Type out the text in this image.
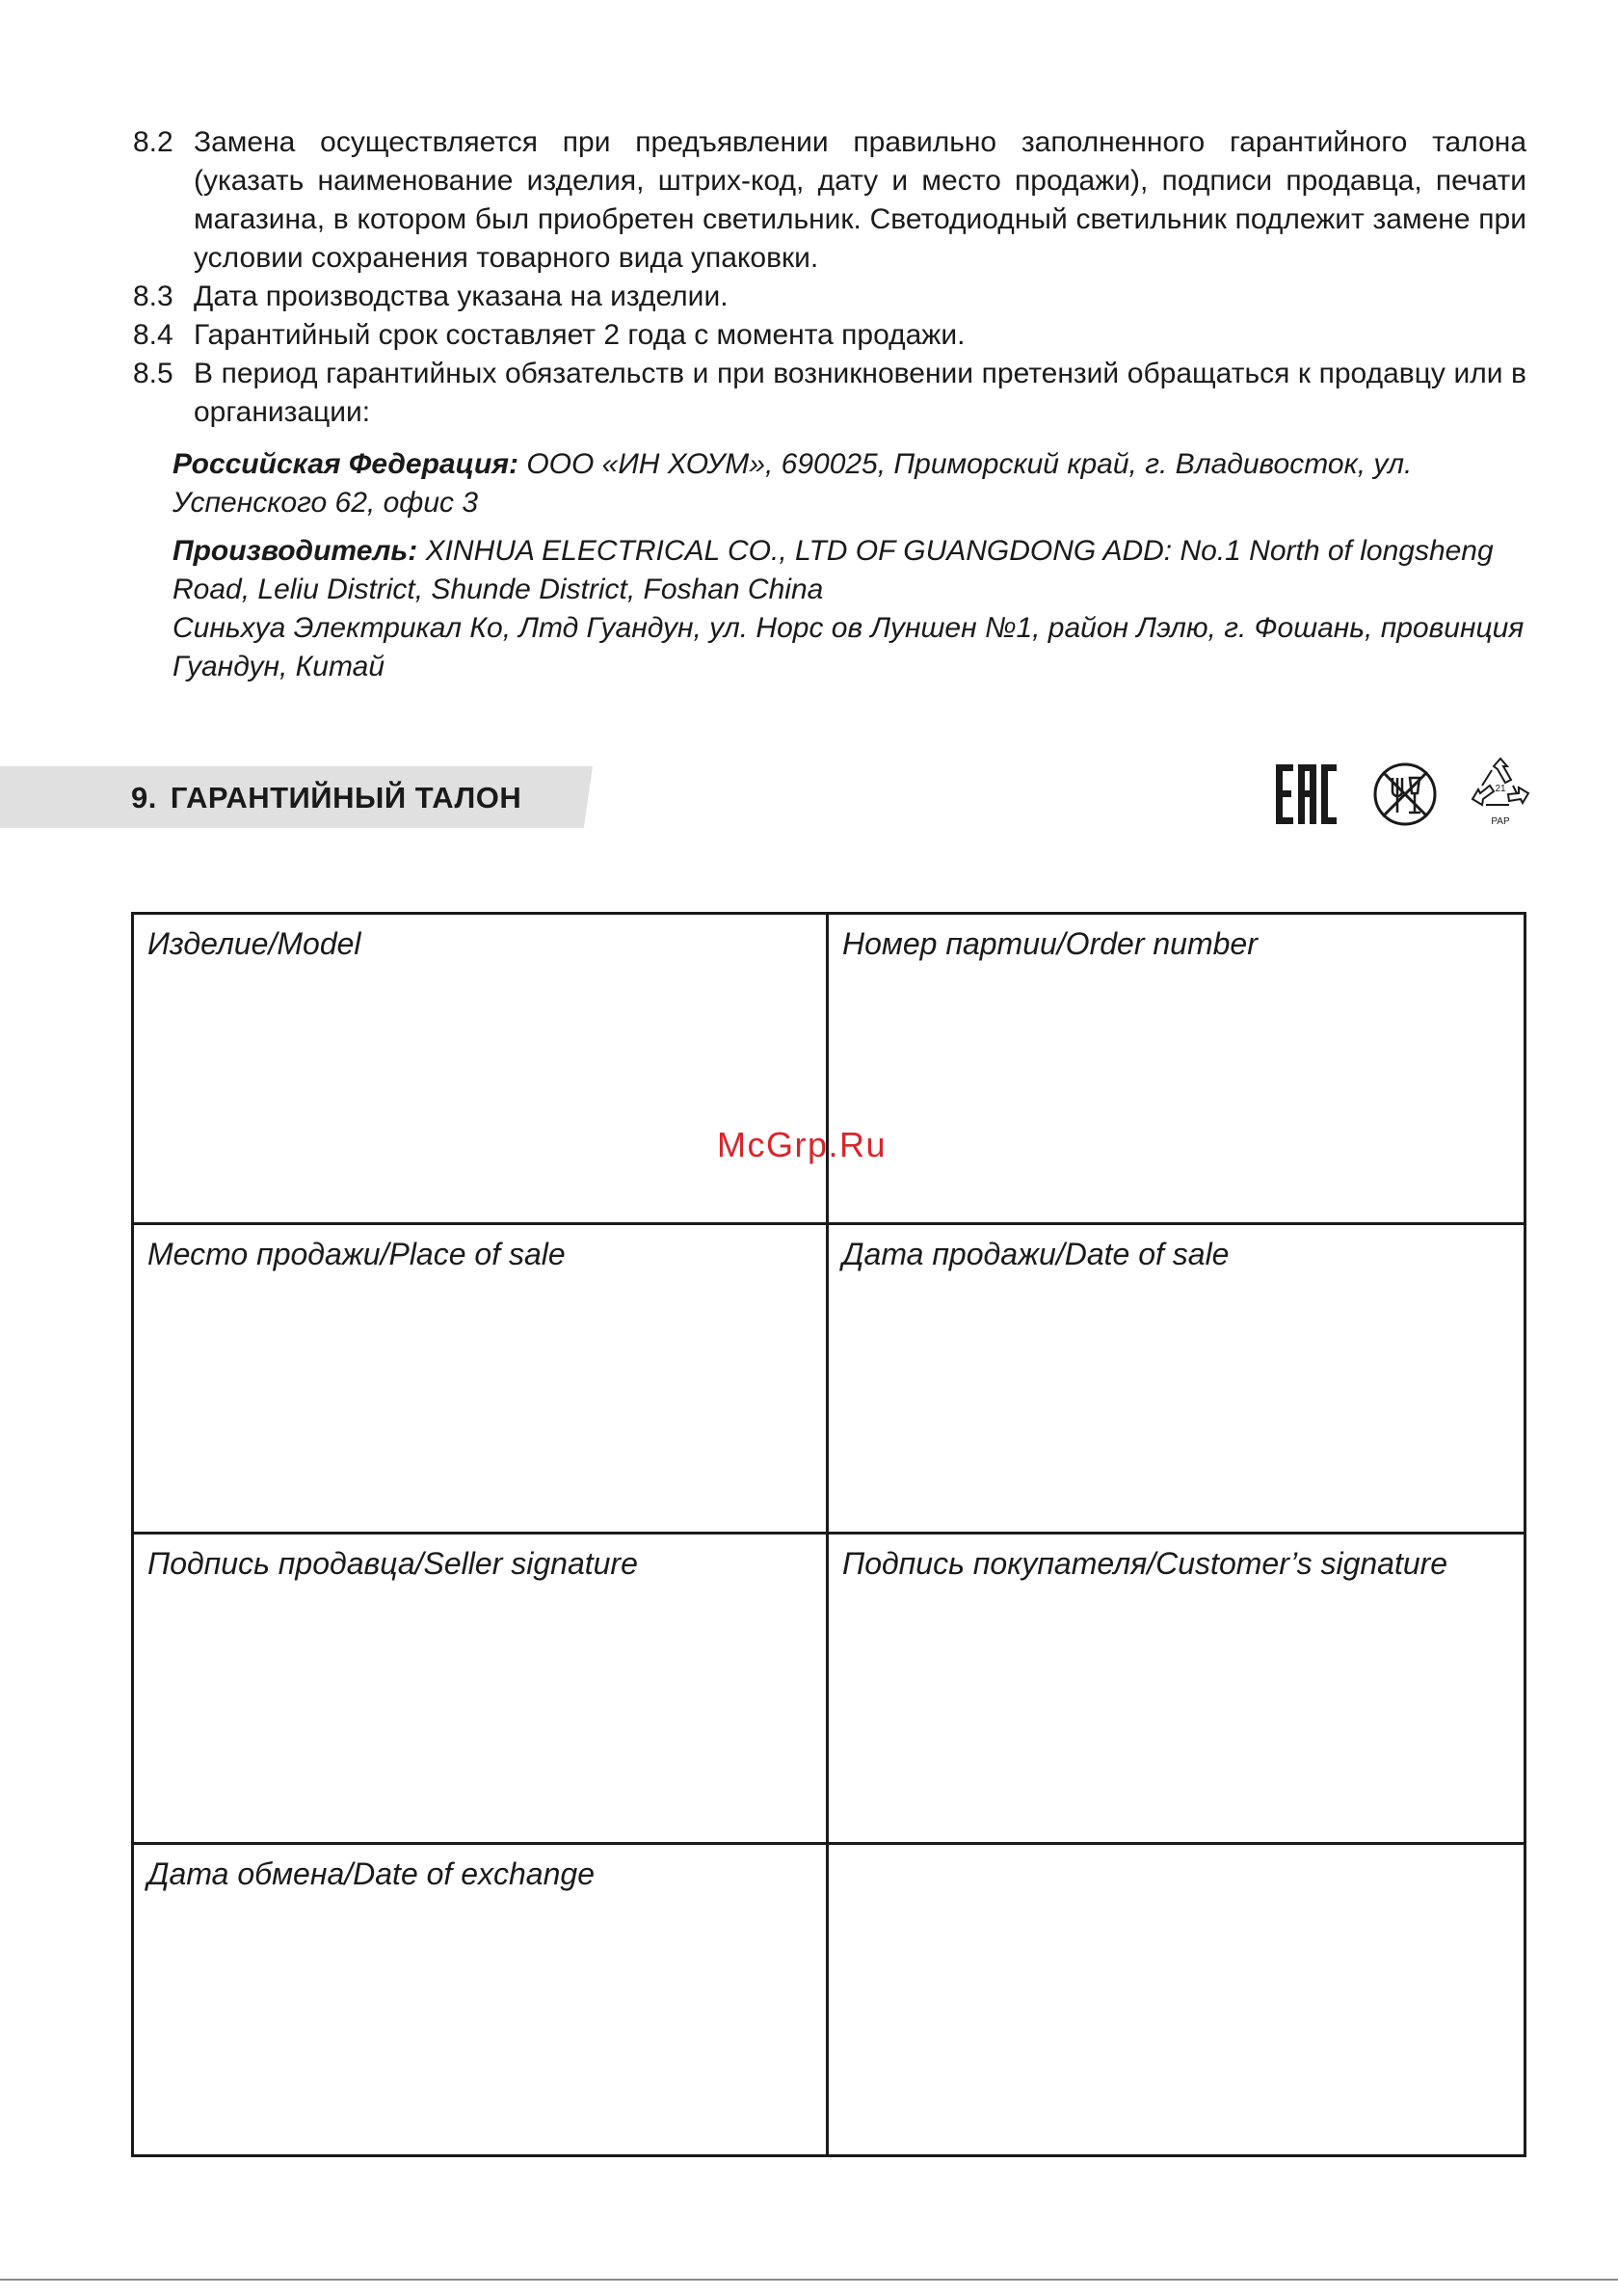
8.2 Замена осуществляется при предъявлении правильно заполненного гарантийного талона (указать наименование изделия, штрих-код, дату и место продажи), подписи продавца, печати магазина, в котором был приобретен светильник. Светодиодный светильник подлежит замене при условии сохранения товарного вида упаковки.
8.3 Дата производства указана на изделии.
8.4 Гарантийный срок составляет 2 года с момента продажи.
8.5 В период гарантийных обязательств и при возникновении претензий обращаться к продавцу или в организации:
Российская Федерация: ООО «ИН ХОУМ», 690025, Приморский край, г. Владивосток, ул. Успенского 62, офис 3
Производитель: XINHUA ELECTRICAL CO., LTD OF GUANGDONG ADD: No.1 North of longsheng Road, Leliu District, Shunde District, Foshan China
Синьхуа Электрикал Ко, Лтд Гуандун, ул. Норс ов Луншен №1, район Лэлю, г. Фошань, провинция Гуандун, Китай
9. ГАРАНТИЙНЫЙ ТАЛОН	21
PAP
Изделие/Model	Номер партии/Order number
Место продажи/Place of sale	Дата продажи/Date of sale
Подпись продавца/Seller signature	Подпись покупателя/Customer’s signature
Дата обмена/Date of exchange
McGrp.Ru
